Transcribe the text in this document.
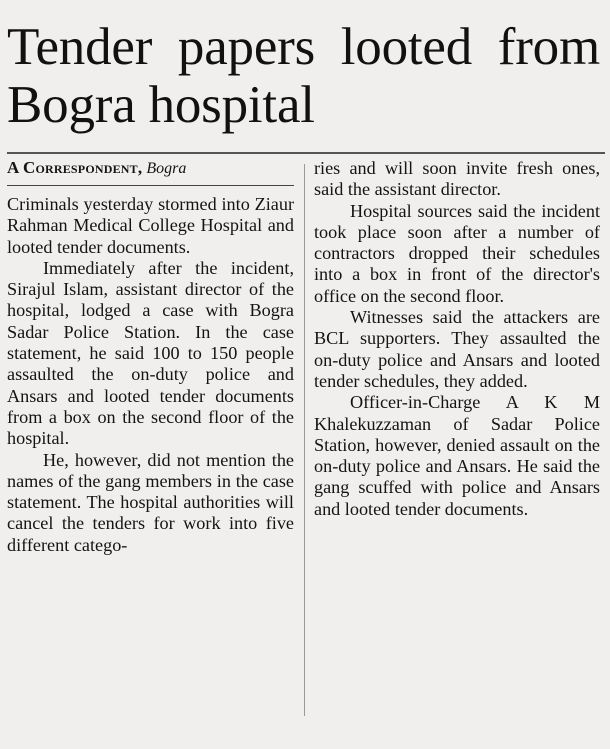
Tender papers looted from Bogra hospital
A Correspondent, Bogra

Criminals yesterday stormed into Ziaur Rahman Medical College Hospital and looted tender documents.

Immediately after the incident, Sirajul Islam, assistant director of the hospital, lodged a case with Bogra Sadar Police Station. In the case statement, he said 100 to 150 people assaulted the on-duty police and Ansars and looted tender documents from a box on the second floor of the hospital.

He, however, did not mention the names of the gang members in the case statement. The hospital authorities will cancel the tenders for work into five different catego-

ries and will soon invite fresh ones, said the assistant director.

Hospital sources said the incident took place soon after a number of contractors dropped their schedules into a box in front of the director's office on the second floor.

Witnesses said the attackers are BCL supporters. They assaulted the on-duty police and Ansars and looted tender schedules, they added.

Officer-in-Charge A K M Khalekuzzaman of Sadar Police Station, however, denied assault on the on-duty police and Ansars. He said the gang scuffed with police and Ansars and looted tender documents.
